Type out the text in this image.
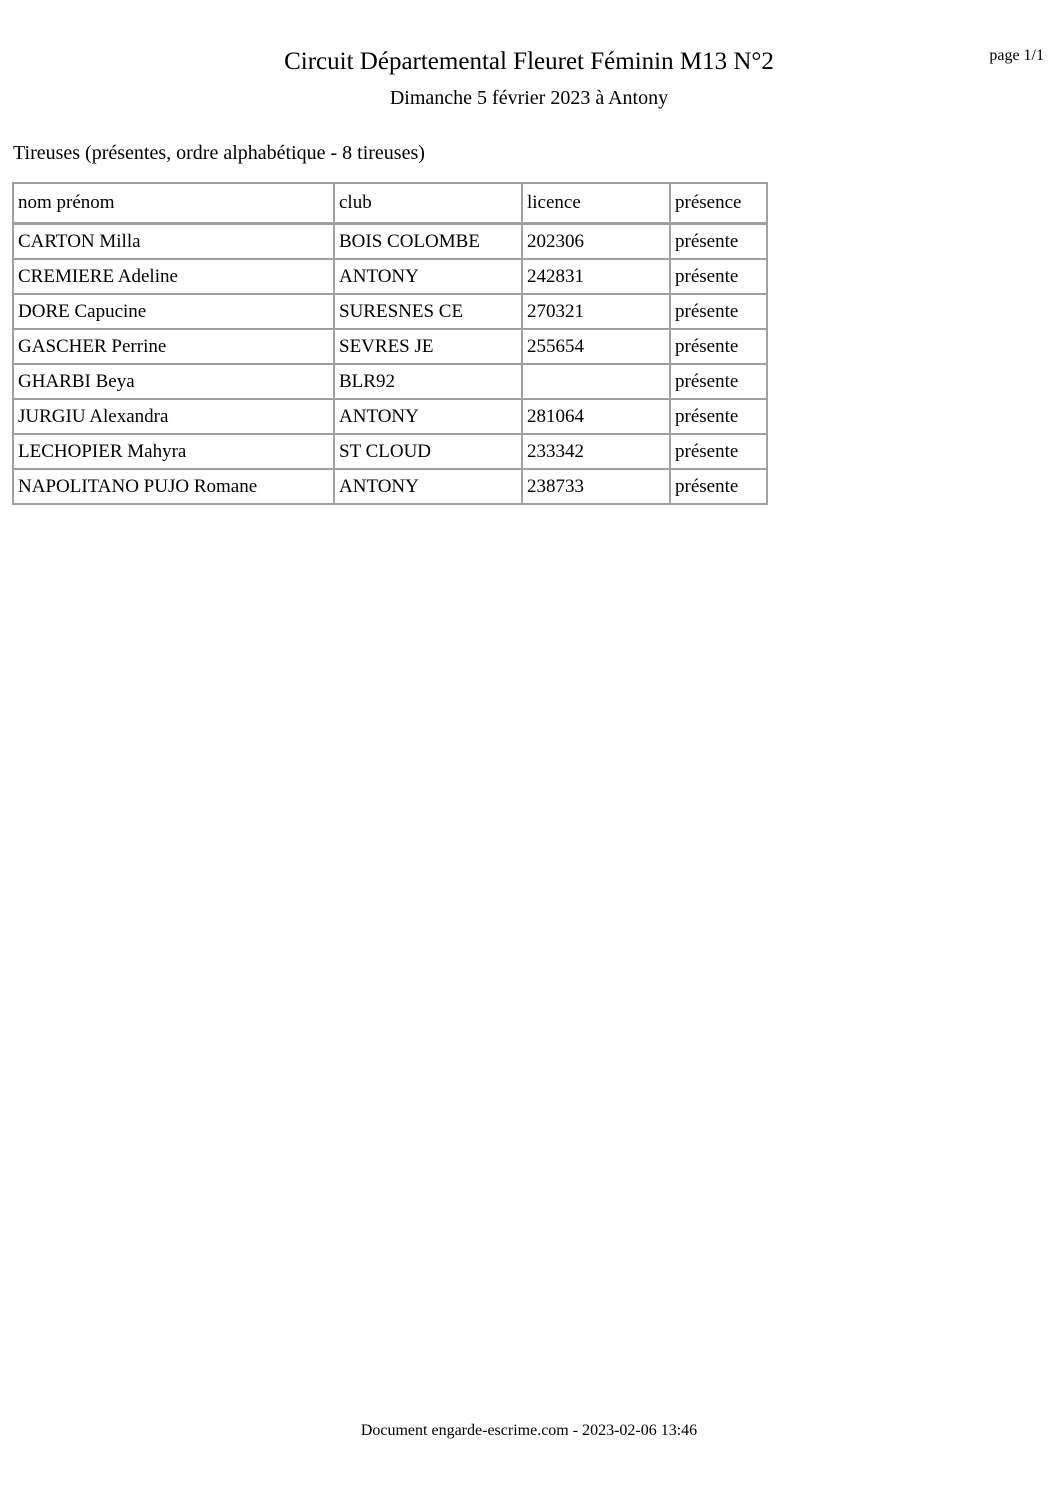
page 1/1
Circuit Départemental Fleuret Féminin M13 N°2
Dimanche 5 février 2023 à Antony
Tireuses (présentes, ordre alphabétique - 8 tireuses)
nom prénom	club	licence	présence
CARTON Milla	BOIS COLOMBE	202306	présente
CREMIERE Adeline	ANTONY	242831	présente
DORE Capucine	SURESNES CE	270321	présente
GASCHER Perrine	SEVRES JE	255654	présente
GHARBI Beya	BLR92		présente
JURGIU Alexandra	ANTONY	281064	présente
LECHOPIER Mahyra	ST CLOUD	233342	présente
NAPOLITANO PUJO Romane	ANTONY	238733	présente
Document engarde-escrime.com - 2023-02-06 13:46
